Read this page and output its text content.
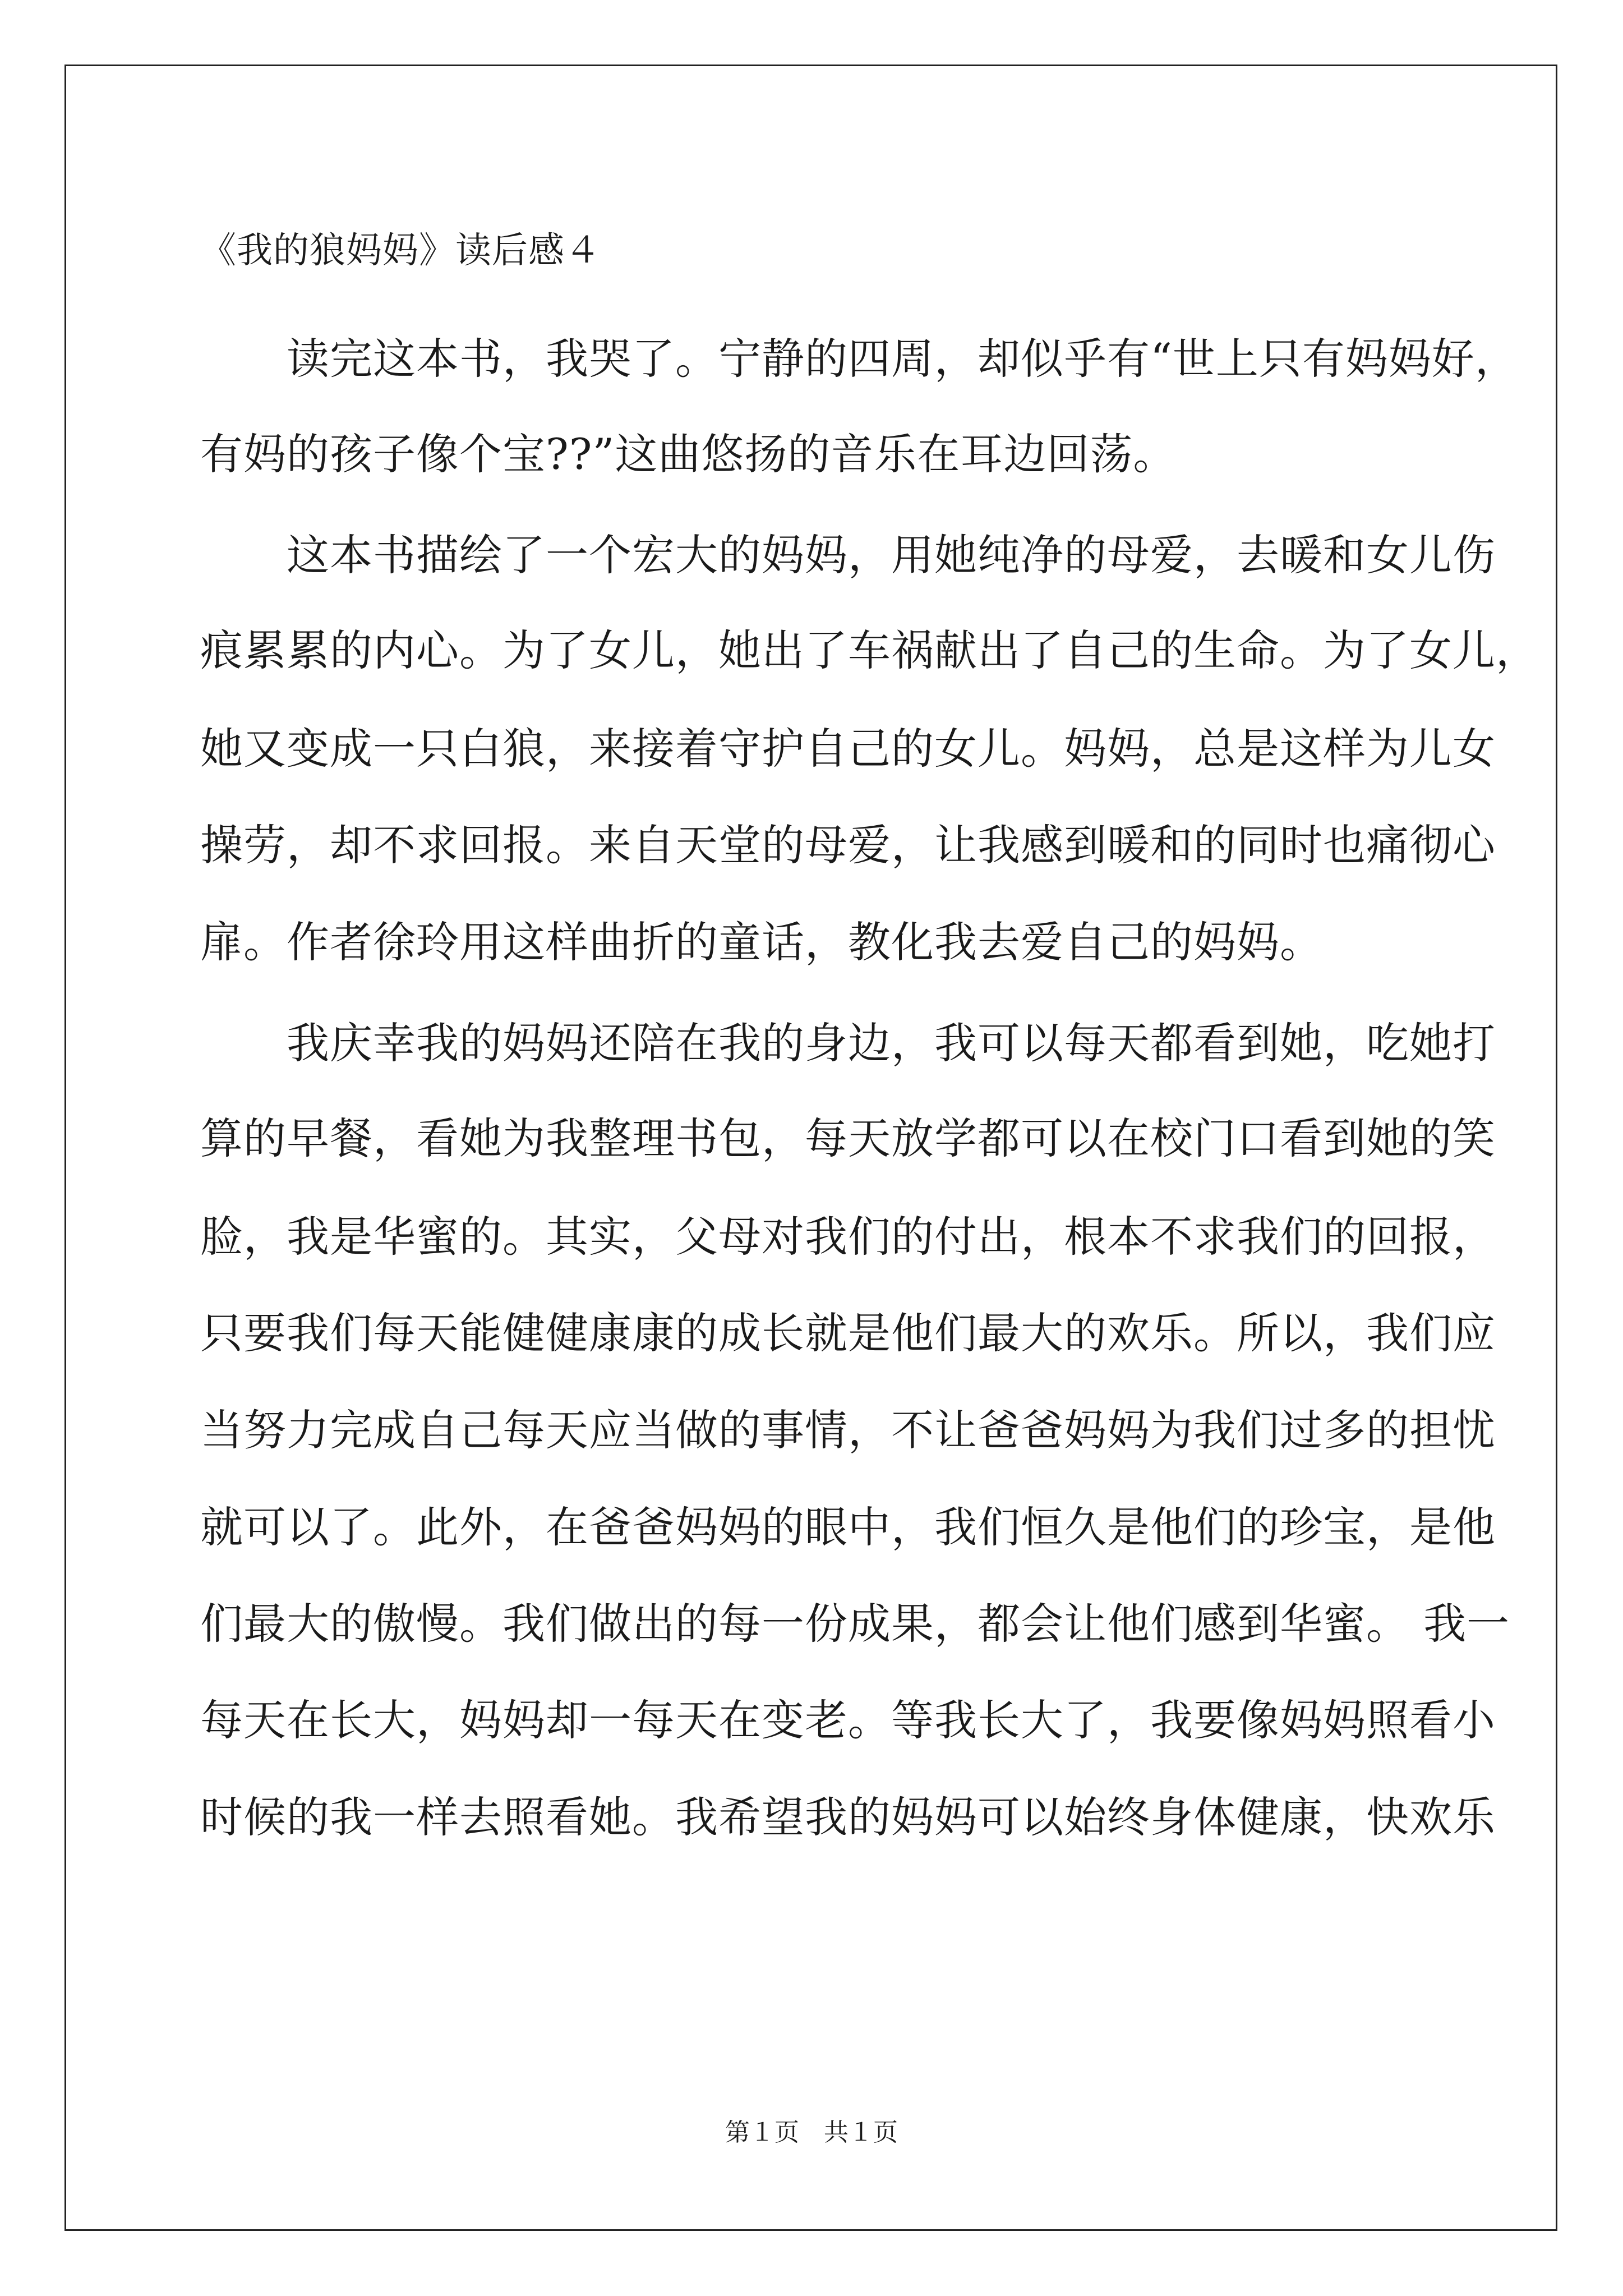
《我的狼妈妈》读后感４
　　读完这本书，我哭了。宁静的四周，却似乎有“世上只有妈妈好，
有妈的孩子像个宝??”这曲悠扬的音乐在耳边回荡。
　　这本书描绘了一个宏大的妈妈，用她纯净的母爱，去暖和女儿伤
痕累累的内心。为了女儿，她出了车祸献出了自己的生命。为了女儿，
她又变成一只白狼，来接着守护自己的女儿。妈妈，总是这样为儿女
操劳，却不求回报。来自天堂的母爱，让我感到暖和的同时也痛彻心
扉。作者徐玲用这样曲折的童话，教化我去爱自己的妈妈。
　　我庆幸我的妈妈还陪在我的身边，我可以每天都看到她，吃她打
算的早餐，看她为我整理书包，每天放学都可以在校门口看到她的笑
脸，我是华蜜的。其实，父母对我们的付出，根本不求我们的回报，
只要我们每天能健健康康的成长就是他们最大的欢乐。所以，我们应
当努力完成自己每天应当做的事情，不让爸爸妈妈为我们过多的担忧
就可以了。此外，在爸爸妈妈的眼中，我们恒久是他们的珍宝，是他
们最大的傲慢。我们做出的每一份成果，都会让他们感到华蜜。 我一
每天在长大，妈妈却一每天在变老。等我长大了，我要像妈妈照看小
时候的我一样去照看她。我希望我的妈妈可以始终身体健康，快欢乐
第１页　共１页
